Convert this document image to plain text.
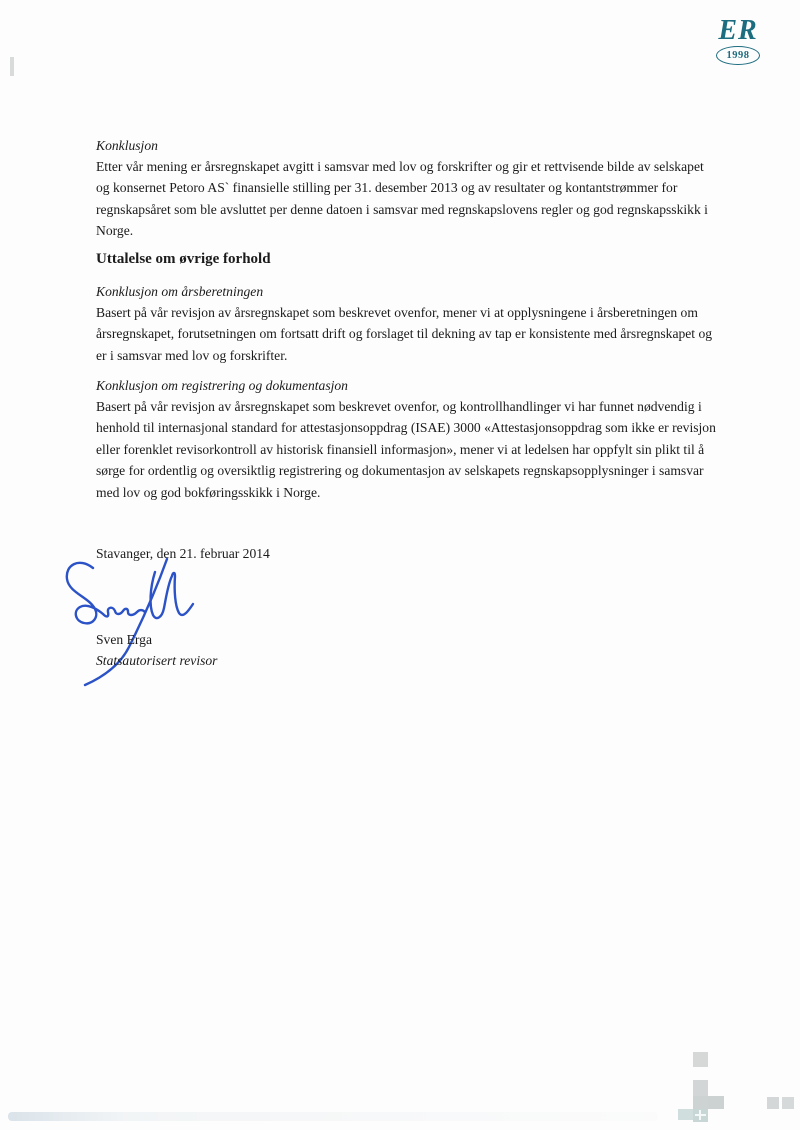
ER
1998
Konklusjon
Etter vår mening er årsregnskapet avgitt i samsvar med lov og forskrifter og gir et rettvisende bilde av selskapet og konsernet Petoro AS` finansielle stilling per 31. desember 2013 og av resultater og kontantstrømmer for regnskapsåret som ble avsluttet per denne datoen i samsvar med regnskapslovens regler og god regnskapsskikk i Norge.
Uttalelse om øvrige forhold
Konklusjon om årsberetningen
Basert på vår revisjon av årsregnskapet som beskrevet ovenfor, mener vi at opplysningene i årsberetningen om årsregnskapet, forutsetningen om fortsatt drift og forslaget til dekning av tap er konsistente med årsregnskapet og er i samsvar med lov og forskrifter.
Konklusjon om registrering og dokumentasjon
Basert på vår revisjon av årsregnskapet som beskrevet ovenfor, og kontrollhandlinger vi har funnet nødvendig i henhold til internasjonal standard for attestasjonsoppdrag (ISAE) 3000 «Attestasjonsoppdrag som ikke er revisjon eller forenklet revisorkontroll av historisk finansiell informasjon», mener vi at ledelsen har oppfylt sin plikt til å sørge for ordentlig og oversiktlig registrering og dokumentasjon av selskapets regnskapsopplysninger i samsvar med lov og god bokføringsskikk i Norge.
Stavanger, den 21. februar 2014
Sven Erga
Statsautorisert revisor
